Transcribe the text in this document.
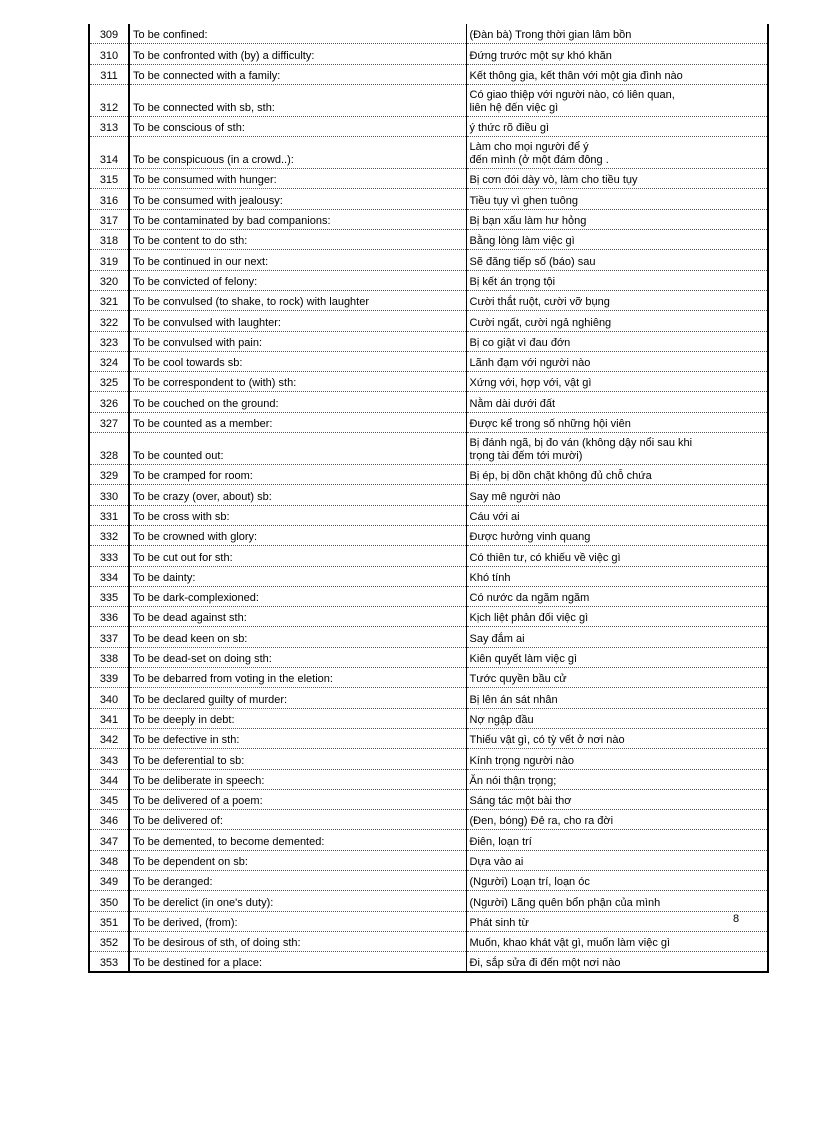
309	To be confined:	(Đàn bà) Trong thời gian lâm bồn
310	To be confronted with (by) a difficulty:	Đứng trước một sự khó khăn
311	To be connected with a family:	Kết thông gia, kết thân với một gia đình nào
312	To be connected with sb, sth:	Có giao thiệp với người nào, có liên quan,
liên hệ đến việc gì
313	To be conscious of sth:	ý thức rõ điều gì
314	To be conspicuous (in a crowd..):	Làm cho mọi người để ý
đến mình (ở một đám đông .
315	To be consumed with hunger:	Bị cơn đói dày vò, làm cho tiều tụy
316	To be consumed with jealousy:	Tiều tụy vì ghen tuông
317	To be contaminated by bad companions:	Bị bạn xấu làm hư hỏng
318	To be content to do sth:	Bằng lòng làm việc gì
319	To be continued in our next:	Sẽ đăng tiếp số (báo) sau
320	To be convicted of felony:	Bị kết án trọng tội
321	To be convulsed (to shake, to rock) with laughter	Cười thắt ruột, cười vỡ bụng
322	To be convulsed with laughter:	Cười ngất, cười ngả nghiêng
323	To be convulsed with pain:	Bị co giật vì đau đớn
324	To be cool towards sb:	Lãnh đạm với người nào
325	To be correspondent to (with) sth:	Xứng với, hợp với, vật gì
326	To be couched on the ground:	Nằm dài dưới đất
327	To be counted as a member:	Được kể trong số những hội viên
328	To be counted out:	Bị đánh ngã, bị đo ván (không dậy nổi sau khi
trọng tài đếm tới mười)
329	To be cramped for room:	Bị ép, bị dồn chặt không đủ chỗ chứa
330	To be crazy (over, about) sb:	Say mê người nào
331	To be cross with sb:	Cáu với ai
332	To be crowned with glory:	Được hưởng vinh quang
333	To be cut out for sth:	Có thiên tư, có khiếu về việc gì
334	To be dainty:	Khó tính
335	To be dark-complexioned:	Có nước da ngăm ngăm
336	To be dead against sth:	Kịch liệt phản đối việc gì
337	To be dead keen on sb:	Say đắm ai
338	To be dead-set on doing sth:	Kiên quyết làm việc gì
339	To be debarred from voting in the eletion:	Tước quyền bầu cử
340	To be declared guilty of murder:	Bị lên án sát nhân
341	To be deeply in debt:	Nợ ngập đầu
342	To be defective in sth:	Thiếu vật gì, có tỳ vết ở nơi nào
343	To be deferential to sb:	Kính trọng người nào
344	To be deliberate in speech:	Ăn nói thận trọng;
345	To be delivered of a poem:	Sáng tác một bài thơ
346	To be delivered of:	(Đen, bóng) Đẻ ra, cho ra đời
347	To be demented, to become demented:	Điên, loạn trí
348	To be dependent on sb:	Dựa vào ai
349	To be deranged:	(Người) Loạn trí, loạn óc
350	To be derelict (in one's duty):	(Người) Lãng quên bổn phận của mình
351	To be derived, (from):	Phát sinh từ
352	To be desirous of sth, of doing sth:	Muốn, khao khát vật gì, muốn làm việc gì
353	To be destined for a place:	Đi, sắp sửa đi đến một nơi nào
8
